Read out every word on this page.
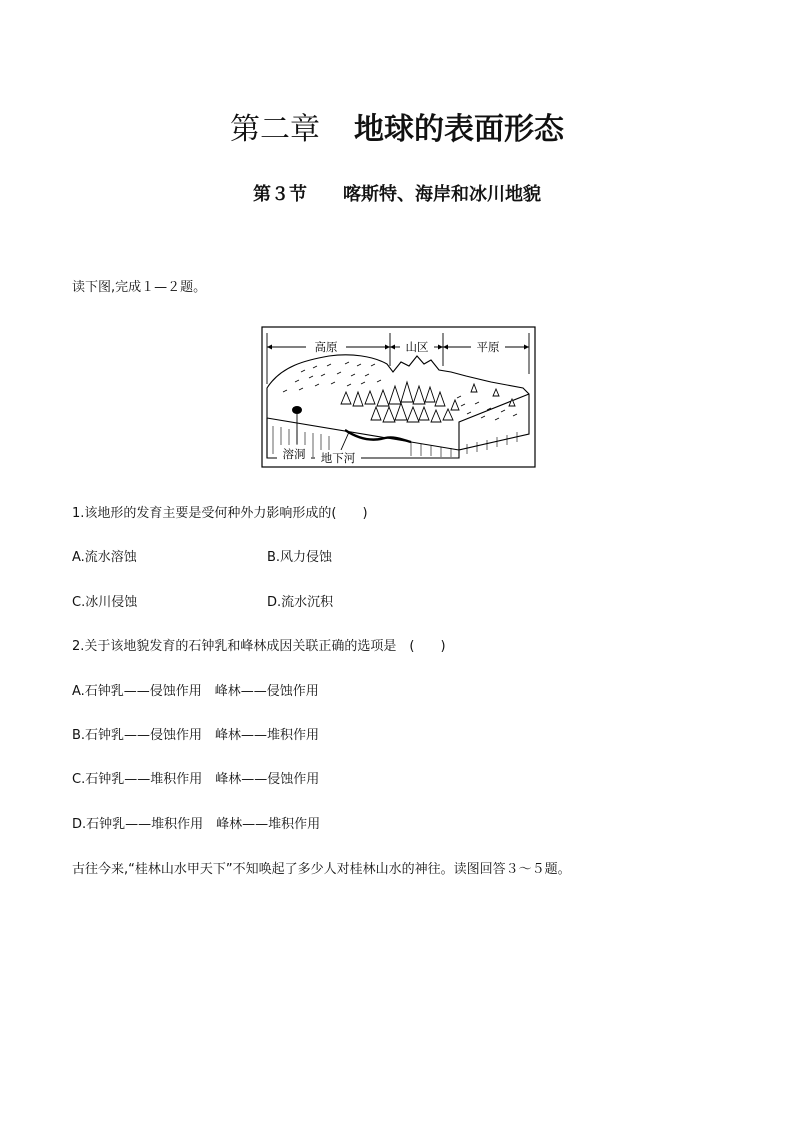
第二章 地球的表面形态
第３节 喀斯特、海岸和冰川地貌
读下图,完成１—２题。
高原	山区	平原
溶洞 地下河
1.该地形的发育主要是受何种外力影响形成的(　　)
A.流水溶蚀	B.风力侵蚀
C.冰川侵蚀	D.流水沉积
2.关于该地貌发育的石钟乳和峰林成因关联正确的选项是　(　　)
A.石钟乳——侵蚀作用　峰林——侵蚀作用
B.石钟乳——侵蚀作用　峰林——堆积作用
C.石钟乳——堆积作用　峰林——侵蚀作用
D.石钟乳——堆积作用　峰林——堆积作用
古往今来,“桂林山水甲天下”不知唤起了多少人对桂林山水的神往。读图回答３～５题。
